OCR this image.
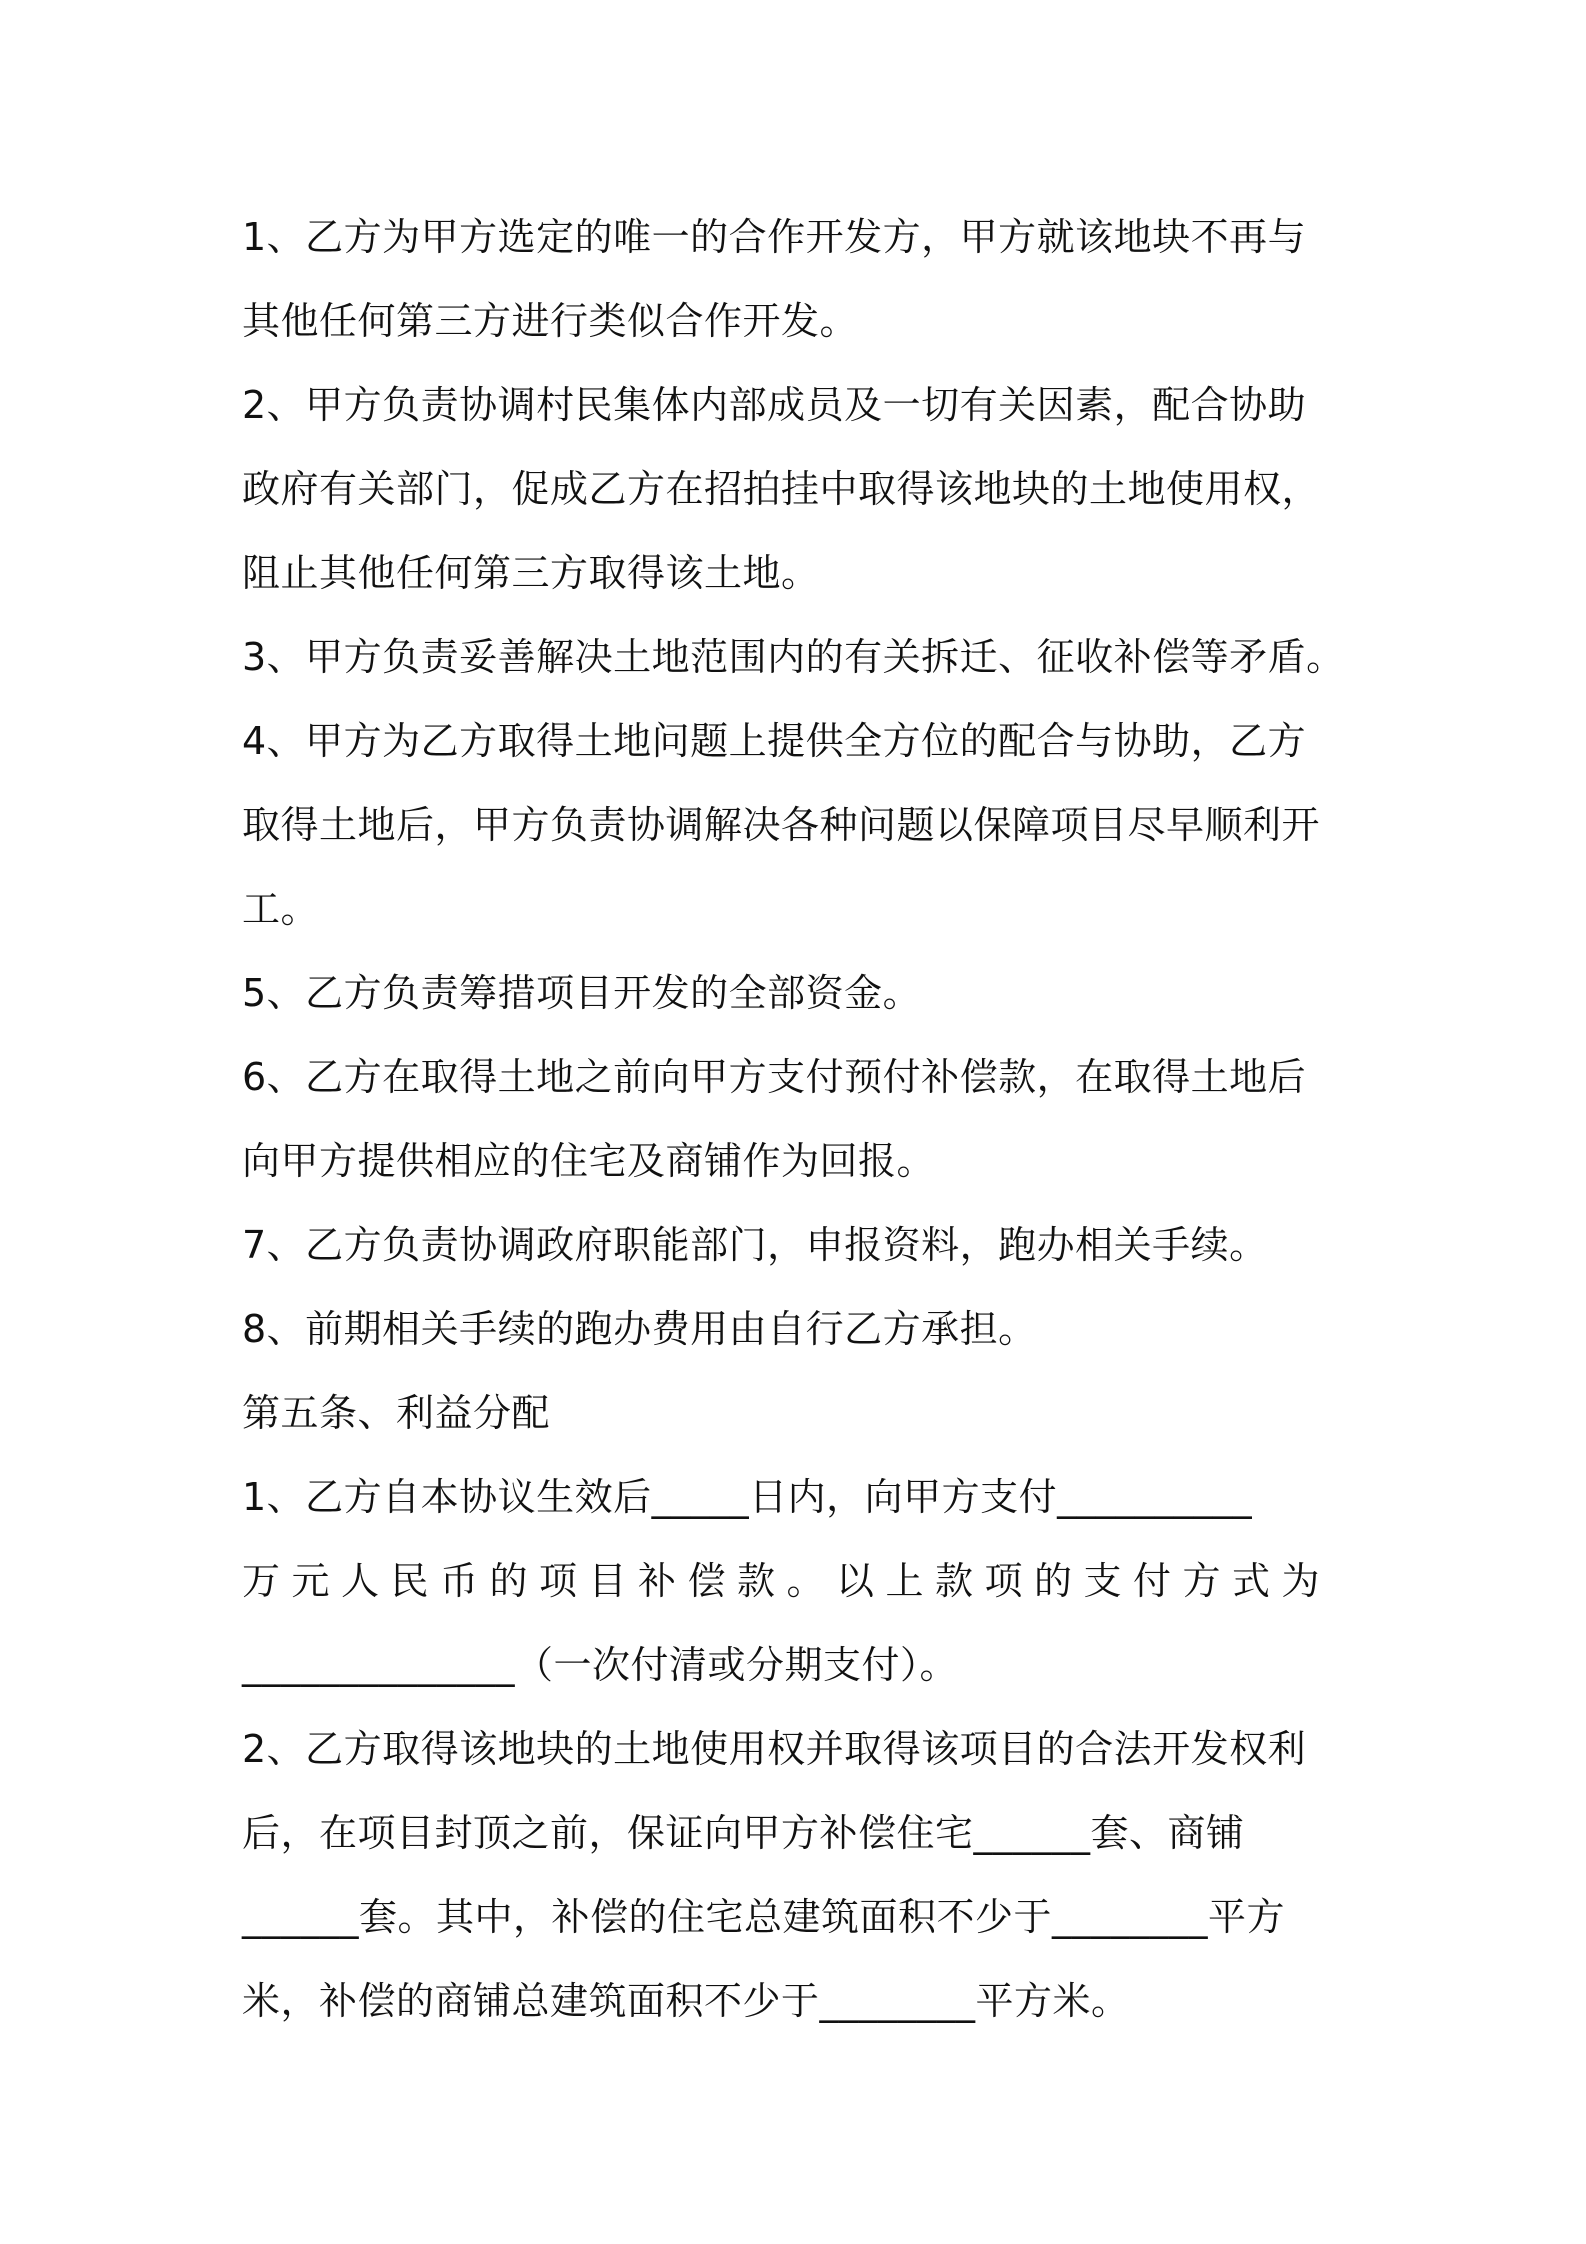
1、乙方为甲方选定的唯一的合作开发方，甲方就该地块不再与
其他任何第三方进行类似合作开发。
2、甲方负责协调村民集体内部成员及一切有关因素，配合协助
政府有关部门，促成乙方在招拍挂中取得该地块的土地使用权，
阻止其他任何第三方取得该土地。
3、甲方负责妥善解决土地范围内的有关拆迁、征收补偿等矛盾。
4、甲方为乙方取得土地问题上提供全方位的配合与协助，乙方
取得土地后，甲方负责协调解决各种问题以保障项目尽早顺利开
工。
5、乙方负责筹措项目开发的全部资金。
6、乙方在取得土地之前向甲方支付预付补偿款，在取得土地后
向甲方提供相应的住宅及商铺作为回报。
7、乙方负责协调政府职能部门，申报资料，跑办相关手续。
8、前期相关手续的跑办费用由自行乙方承担。
第五条、利益分配
1、乙方自本协议生效后_____日内，向甲方支付__________
万元人民币的项目补偿款。以上款项的支付方式为
______________（一次付清或分期支付）。
2、乙方取得该地块的土地使用权并取得该项目的合法开发权利
后，在项目封顶之前，保证向甲方补偿住宅______套、商铺
______套。其中，补偿的住宅总建筑面积不少于________平方
米，补偿的商铺总建筑面积不少于________平方米。
